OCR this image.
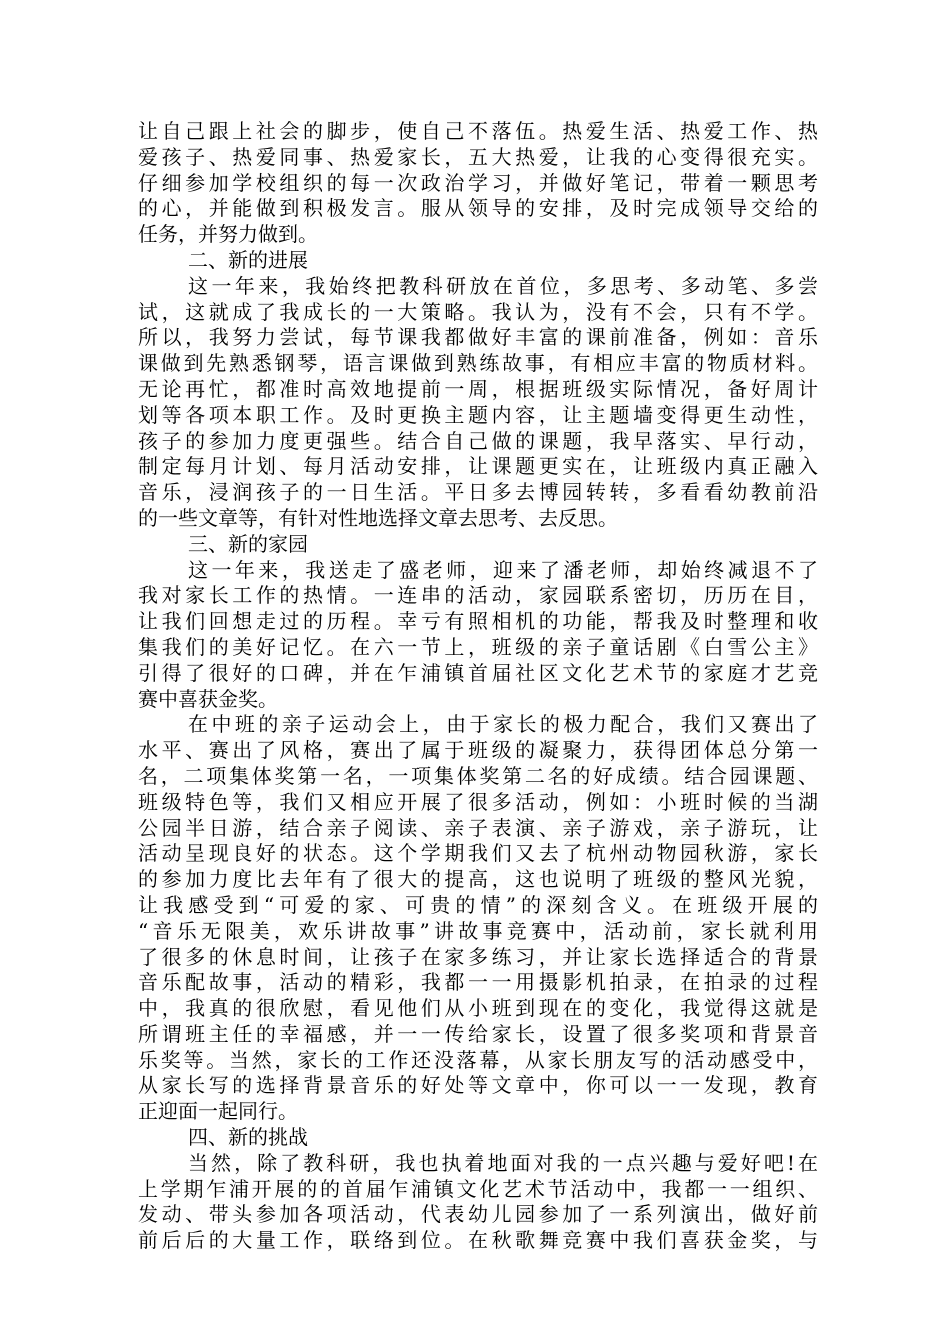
让自己跟上社会的脚步，使自己不落伍。热爱生活、热爱工作、热
爱孩子、热爱同事、热爱家长，五大热爱，让我的心变得很充实。
仔细参加学校组织的每一次政治学习，并做好笔记，带着一颗思考
的心，并能做到积极发言。服从领导的安排，及时完成领导交给的
任务，并努力做到。
二、新的进展
这一年来，我始终把教科研放在首位，多思考、多动笔、多尝
试，这就成了我成长的一大策略。我认为，没有不会，只有不学。
所以，我努力尝试，每节课我都做好丰富的课前准备，例如：音乐
课做到先熟悉钢琴，语言课做到熟练故事，有相应丰富的物质材料。
无论再忙，都准时高效地提前一周，根据班级实际情况，备好周计
划等各项本职工作。及时更换主题内容，让主题墙变得更生动性，
孩子的参加力度更强些。结合自己做的课题，我早落实、早行动，
制定每月计划、每月活动安排，让课题更实在，让班级内真正融入
音乐，浸润孩子的一日生活。平日多去博园转转，多看看幼教前沿
的一些文章等，有针对性地选择文章去思考、去反思。
三、新的家园
这一年来，我送走了盛老师，迎来了潘老师，却始终减退不了
我对家长工作的热情。一连串的活动，家园联系密切，历历在目，
让我们回想走过的历程。幸亏有照相机的功能，帮我及时整理和收
集我们的美好记忆。在六一节上，班级的亲子童话剧《白雪公主》
引得了很好的口碑，并在乍浦镇首届社区文化艺术节的家庭才艺竞
赛中喜获金奖。
在中班的亲子运动会上，由于家长的极力配合，我们又赛出了
水平、赛出了风格，赛出了属于班级的凝聚力，获得团体总分第一
名，二项集体奖第一名，一项集体奖第二名的好成绩。结合园课题、
班级特色等，我们又相应开展了很多活动，例如：小班时候的当湖
公园半日游，结合亲子阅读、亲子表演、亲子游戏，亲子游玩，让
活动呈现良好的状态。这个学期我们又去了杭州动物园秋游，家长
的参加力度比去年有了很大的提高，这也说明了班级的整风光貌，
让我感受到“可爱的家、可贵的情”的深刻含义。在班级开展的
“音乐无限美，欢乐讲故事”讲故事竞赛中，活动前，家长就利用
了很多的休息时间，让孩子在家多练习，并让家长选择适合的背景
音乐配故事，活动的精彩，我都一一用摄影机拍录，在拍录的过程
中，我真的很欣慰，看见他们从小班到现在的变化，我觉得这就是
所谓班主任的幸福感，并一一传给家长，设置了很多奖项和背景音
乐奖等。当然，家长的工作还没落幕，从家长朋友写的活动感受中，
从家长写的选择背景音乐的好处等文章中，你可以一一发现，教育
正迎面一起同行。
四、新的挑战
当然，除了教科研，我也执着地面对我的一点兴趣与爱好吧!在
上学期乍浦开展的的首届乍浦镇文化艺术节活动中，我都一一组织、
发动、带头参加各项活动，代表幼儿园参加了一系列演出，做好前
前后后的大量工作，联络到位。在秋歌舞竞赛中我们喜获金奖，与
